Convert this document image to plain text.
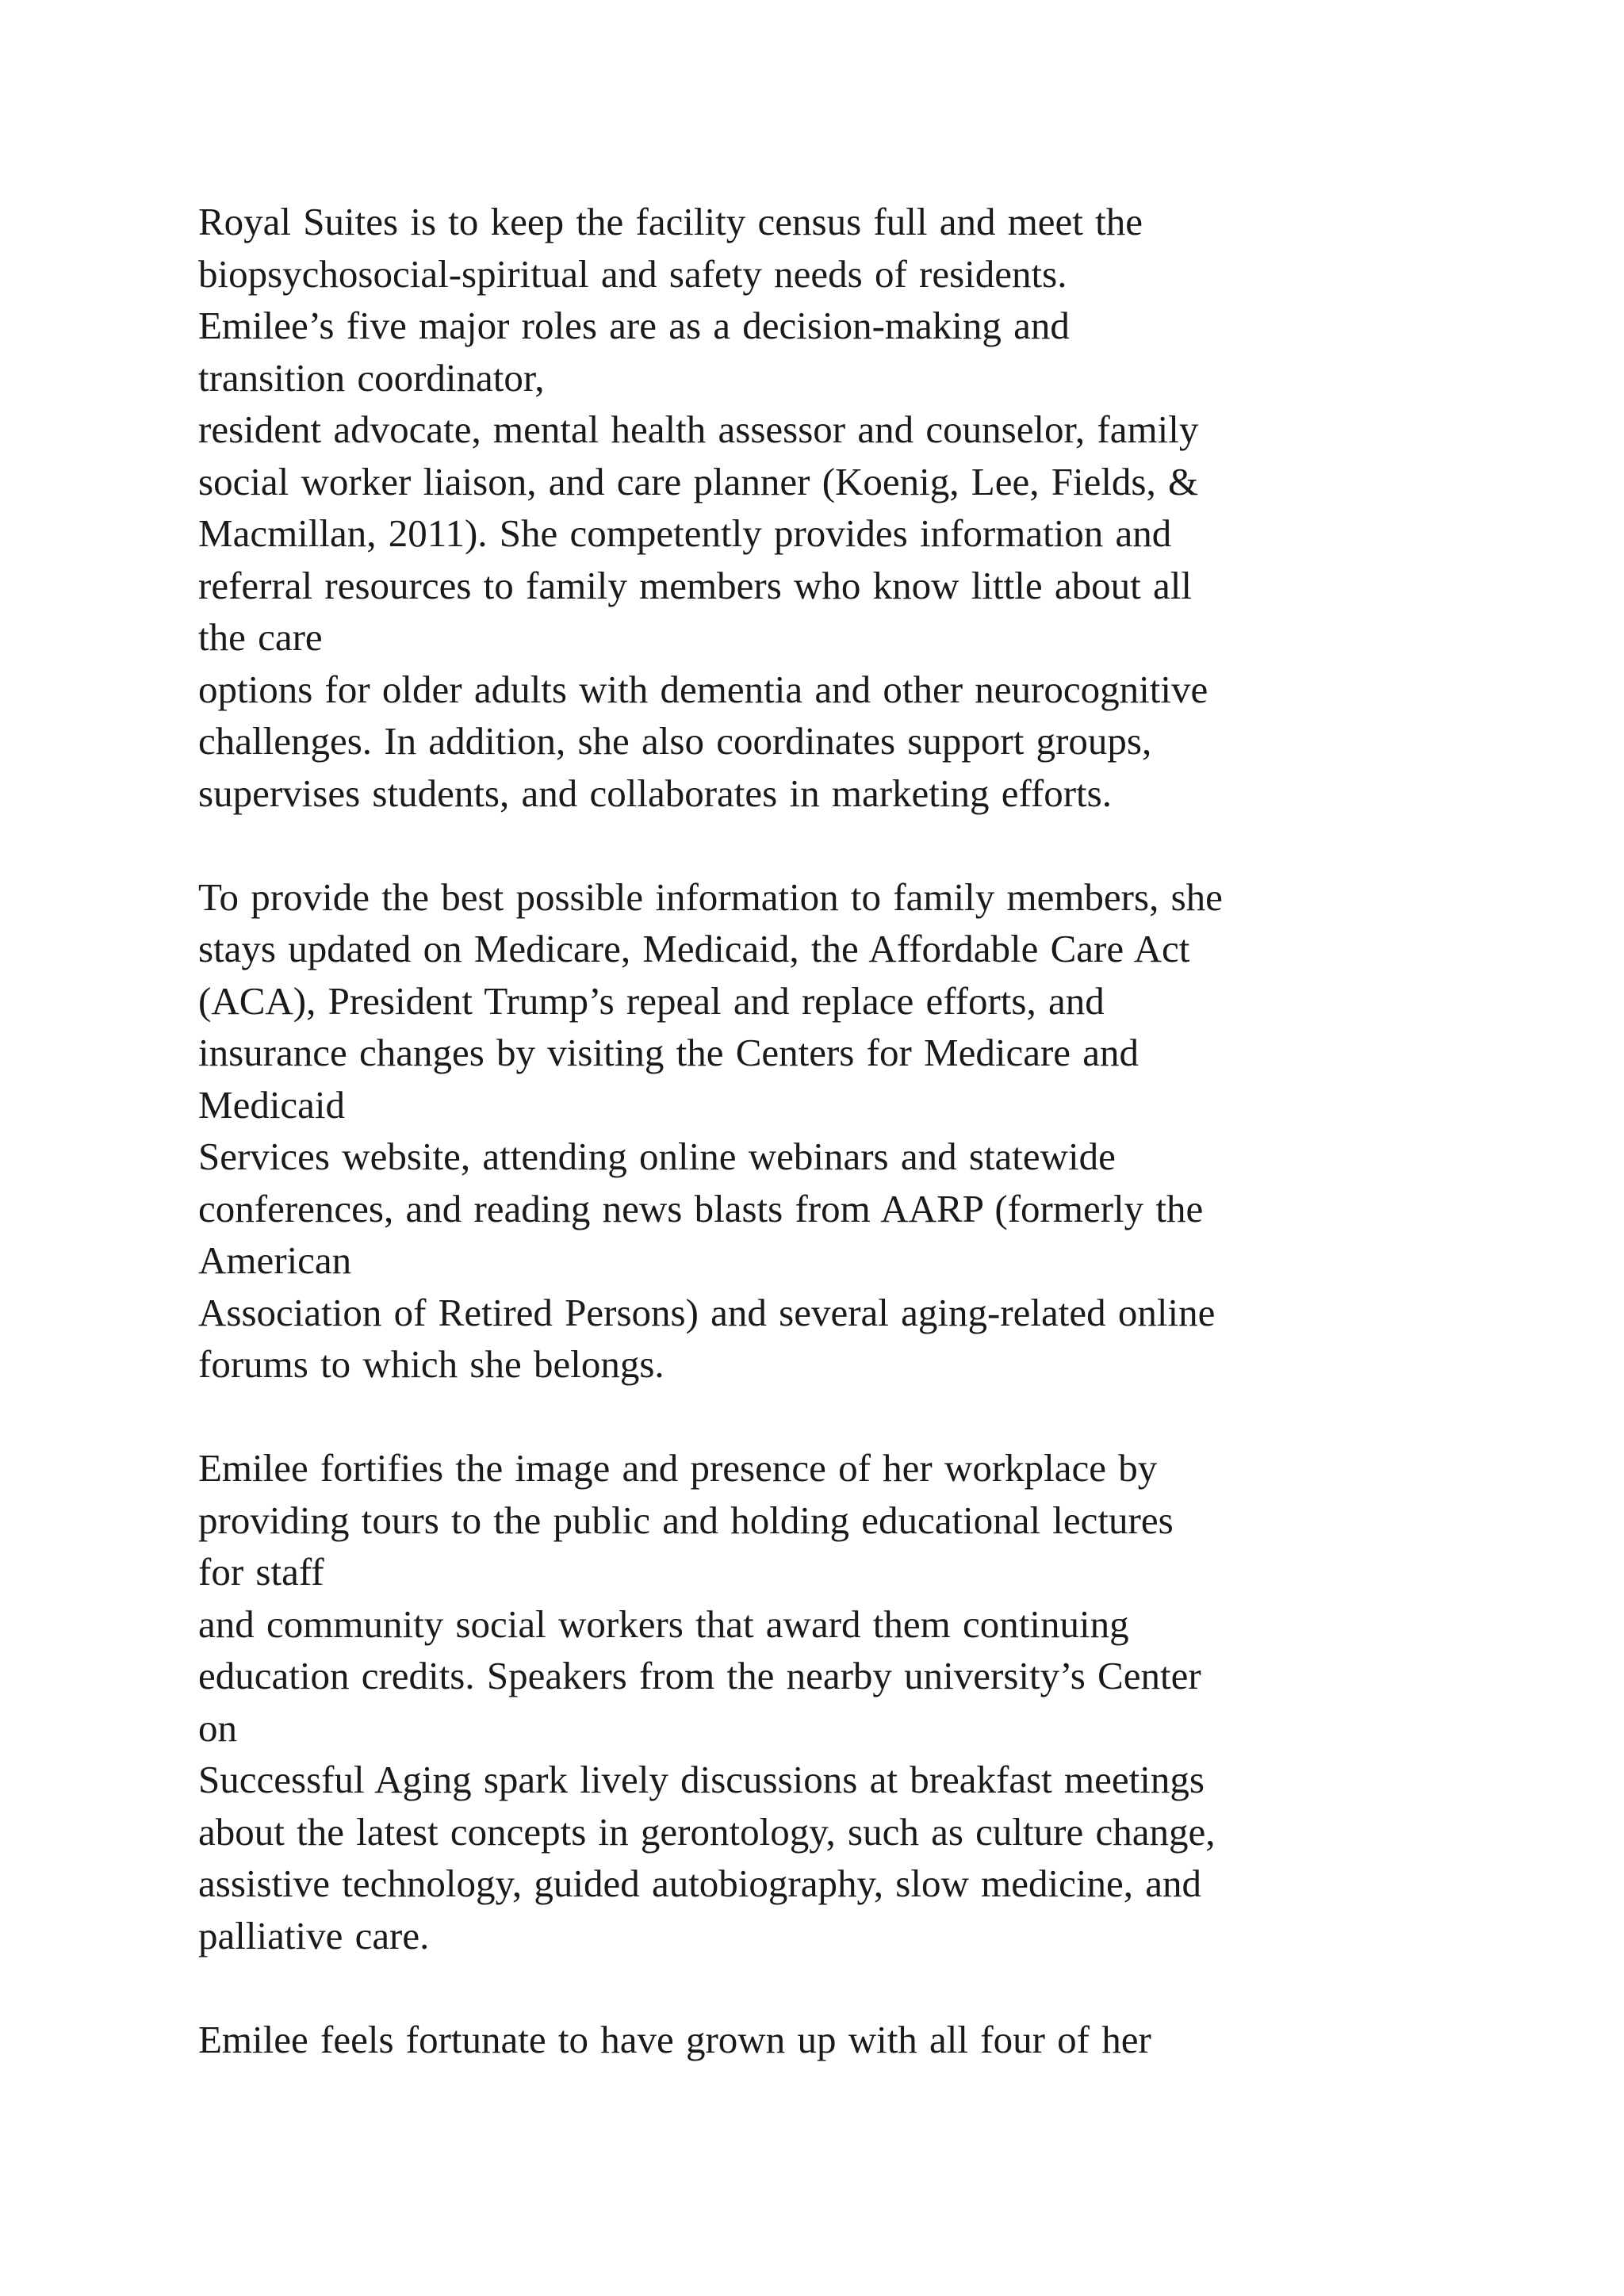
Royal Suites is to keep the facility census full and meet the
biopsychosocial-spiritual and safety needs of residents.
Emilee’s five major roles are as a decision-making and
transition coordinator,
resident advocate, mental health assessor and counselor, family
social worker liaison, and care planner (Koenig, Lee, Fields, &
Macmillan, 2011). She competently provides information and
referral resources to family members who know little about all
the care
options for older adults with dementia and other neurocognitive
challenges. In addition, she also coordinates support groups,
supervises students, and collaborates in marketing efforts.
To provide the best possible information to family members, she
stays updated on Medicare, Medicaid, the Affordable Care Act
(ACA), President Trump’s repeal and replace efforts, and
insurance changes by visiting the Centers for Medicare and
Medicaid
Services website, attending online webinars and statewide
conferences, and reading news blasts from AARP (formerly the
American
Association of Retired Persons) and several aging-related online
forums to which she belongs.
Emilee fortifies the image and presence of her workplace by
providing tours to the public and holding educational lectures
for staff
and community social workers that award them continuing
education credits. Speakers from the nearby university’s Center
on
Successful Aging spark lively discussions at breakfast meetings
about the latest concepts in gerontology, such as culture change,
assistive technology, guided autobiography, slow medicine, and
palliative care.
Emilee feels fortunate to have grown up with all four of her
